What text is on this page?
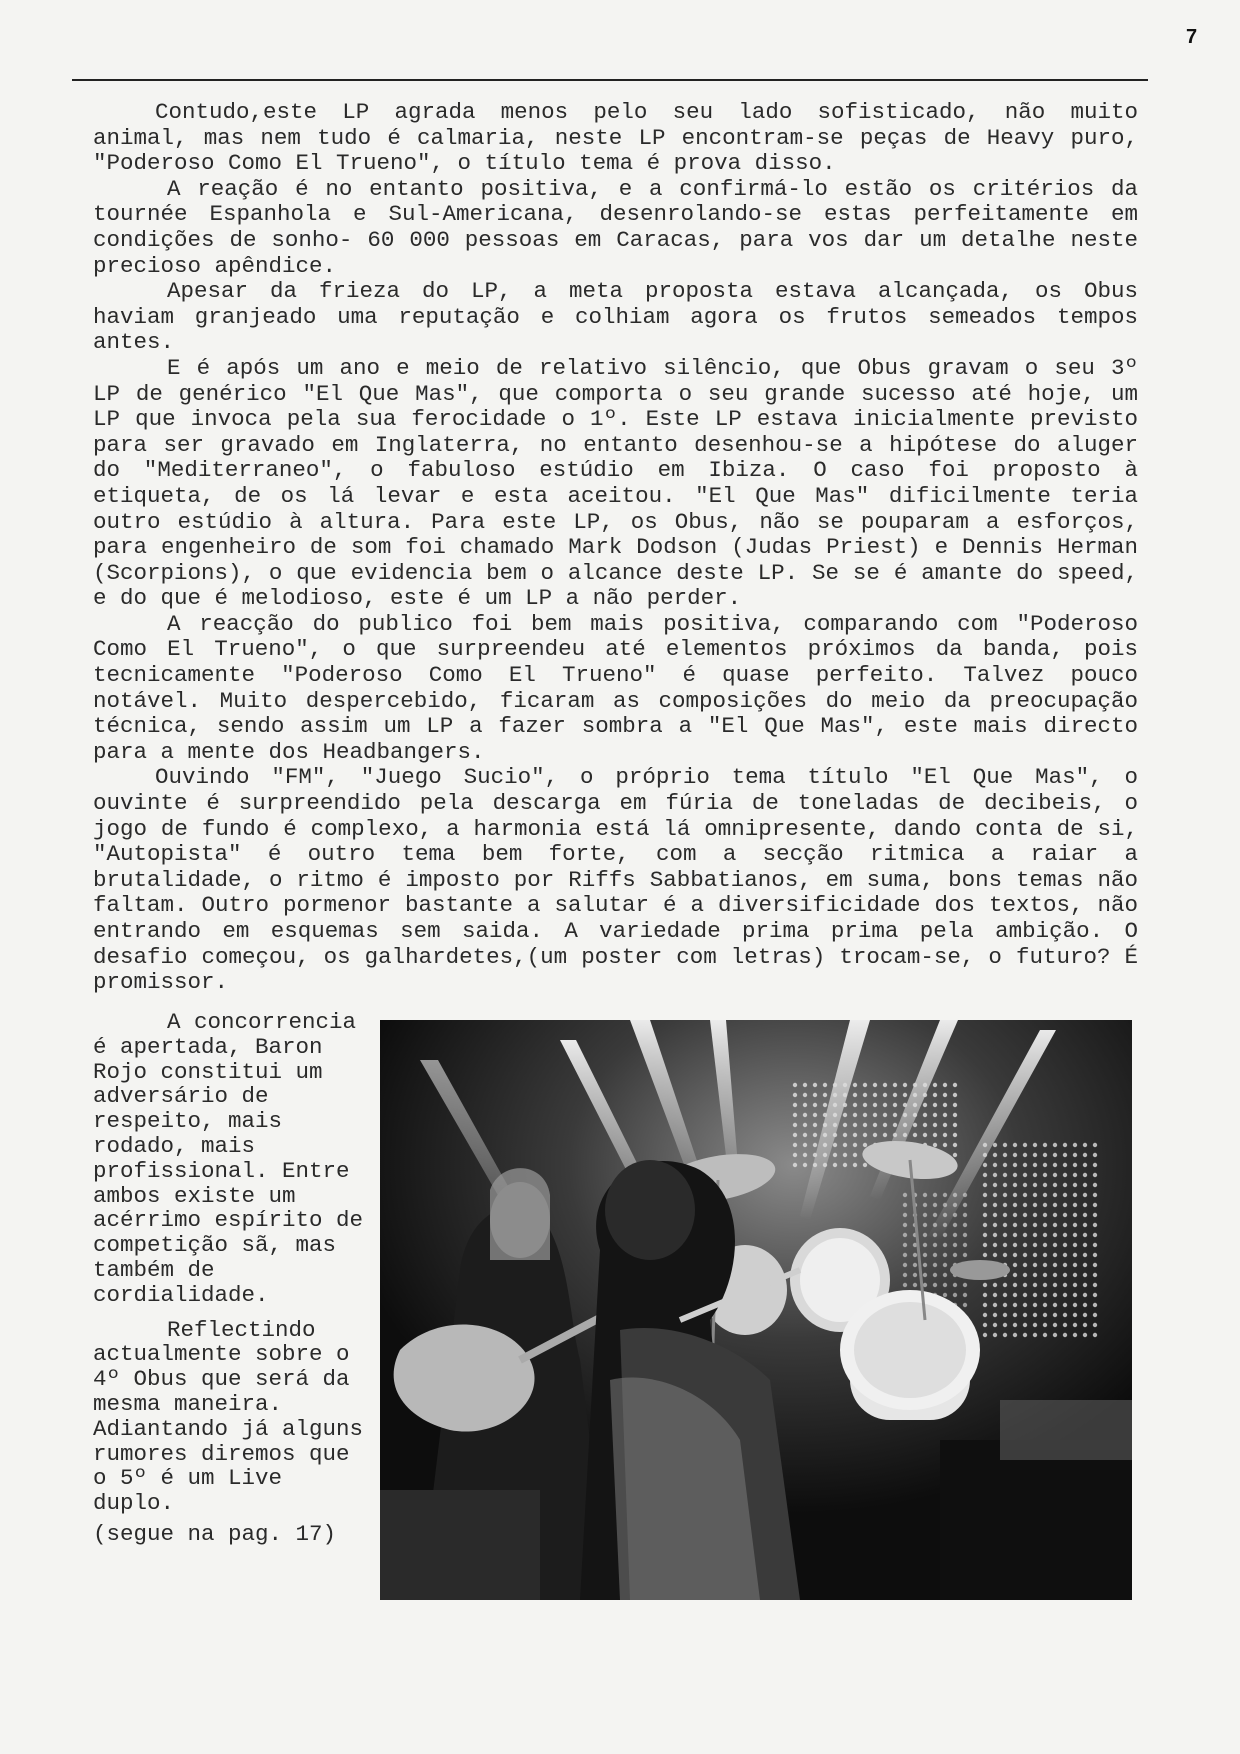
7

Contudo,este LP agrada menos pelo seu lado sofisticado, não muito animal, mas nem tudo é calmaria, neste LP encontram-se peças de Heavy puro, "Poderoso Como El Trueno", o título tema é prova disso.

A reação é no entanto positiva, e a confirmá-lo estão os critérios da tournée Espanhola e Sul-Americana, desenrolando-se estas perfeitamente em condições de sonho- 60 000 pessoas em Caracas, para vos dar um detalhe neste precioso apêndice.

Apesar da frieza do LP, a meta proposta estava alcançada, os Obus haviam granjeado uma reputação e colhiam agora os frutos semeados tempos antes.

E é após um ano e meio de relativo silêncio, que Obus gravam o seu 3º LP de genérico "El Que Mas", que comporta o seu grande sucesso até hoje, um LP que invoca pela sua ferocidade o 1º. Este LP estava inicialmente previsto para ser gravado em Inglaterra, no entanto desenhou-se a hipótese do aluger do "Mediterraneo", o fabuloso estúdio em Ibiza. O caso foi proposto à etiqueta, de os lá levar e esta aceitou. "El Que Mas" dificilmente teria outro estúdio à altura. Para este LP, os Obus, não se pouparam a esforços, para engenheiro de som foi chamado Mark Dodson (Judas Priest) e Dennis Herman (Scorpions), o que evidencia bem o alcance deste LP. Se se é amante do speed, e do que é melodioso, este é um LP a não perder.

A reacção do publico foi bem mais positiva, comparando com "Poderoso Como El Trueno", o que surpreendeu até elementos próximos da banda, pois tecnicamente "Poderoso Como El Trueno" é quase perfeito. Talvez pouco notável. Muito despercebido, ficaram as composições do meio da preocupação técnica, sendo assim um LP a fazer sombra a "El Que Mas", este mais directo para a mente dos Headbangers.

Ouvindo "FM", "Juego Sucio", o próprio tema título "El Que Mas", o ouvinte é surpreendido pela descarga em fúria de toneladas de decibeis, o jogo de fundo é complexo, a harmonia está lá omnipresente, dando conta de si, "Autopista" é outro tema bem forte, com a secção ritmica a raiar a brutalidade, o ritmo é imposto por Riffs Sabbatianos, em suma, bons temas não faltam. Outro pormenor bastante a salutar é a diversificidade dos textos, não entrando em esquemas sem saida. A variedade prima prima pela ambição. O desafio começou, os galhardetes,(um poster com letras) trocam-se, o futuro? É promissor.

A concorrencia é apertada, Baron Rojo constitui um adversário de respeito, mais rodado, mais profissional. Entre ambos existe um acérrimo espírito de competição sã, mas também de cordialidade.

Reflectindo actualmente sobre o 4º Obus que será da mesma maneira. Adiantando já alguns rumores diremos que o 5º é um Live duplo.

(segue na pag. 17)
